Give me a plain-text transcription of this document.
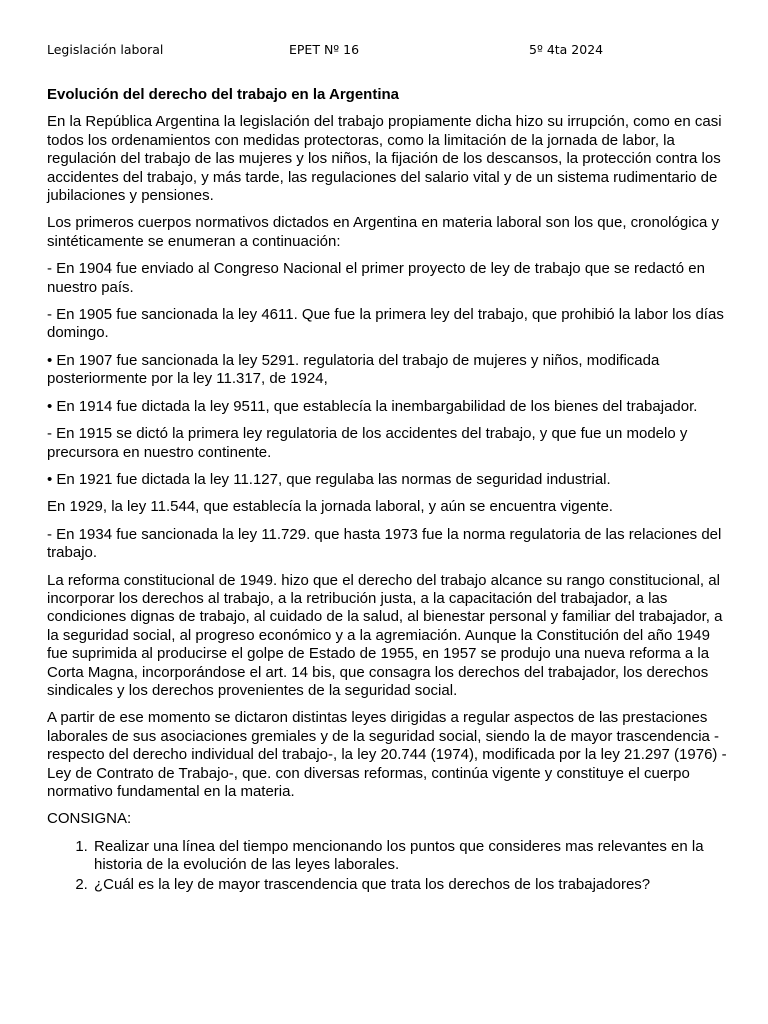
Legislación laboral	EPET Nº 16	5º 4ta 2024
Evolución del derecho del trabajo en la Argentina

En la República Argentina la legislación del trabajo propiamente dicha hizo su irrupción, como en casi todos los ordenamientos con medidas protectoras, como la limitación de la jornada de labor, la regulación del trabajo de las mujeres y los niños, la fijación de los descansos, la protección contra los accidentes del trabajo, y más tarde, las regulaciones del salario vital y de un sistema rudimentario de jubilaciones y pensiones.

Los primeros cuerpos normativos dictados en Argentina en materia laboral son los que, cronológica y sintéticamente se enumeran a continuación:

- En 1904 fue enviado al Congreso Nacional el primer proyecto de ley de trabajo que se redactó en nuestro país.

- En 1905 fue sancionada la ley 4611. Que fue la primera ley del trabajo, que prohibió la labor los días domingo.

• En 1907 fue sancionada la ley 5291. regulatoria del trabajo de mujeres y niños, modificada posteriormente por la ley 11.317, de 1924,

• En 1914 fue dictada la ley 9511, que establecía la inembargabilidad de los bienes del trabajador.

- En 1915 se dictó la primera ley regulatoria de los accidentes del trabajo, y que fue un modelo y precursora en nuestro continente.

• En 1921 fue dictada la ley 11.127, que regulaba las normas de seguridad industrial.

En 1929, la ley 11.544, que establecía la jornada laboral, y aún se encuentra vigente.

- En 1934 fue sancionada la ley 11.729. que hasta 1973 fue la norma regulatoria de las relaciones del trabajo.

La reforma constitucional de 1949. hizo que el derecho del trabajo alcance su rango constitucional, al incorporar los derechos al trabajo, a la retribución justa, a la capacitación del trabajador, a las condiciones dignas de trabajo, al cuidado de la salud, al bienestar personal y familiar del trabajador, a la seguridad social, al progreso económico y a la agremiación. Aunque la Constitución del año 1949 fue suprimida al producirse el golpe de Estado de 1955, en 1957 se produjo una nueva reforma a la Corta Magna, incorporándose el art. 14 bis, que consagra los derechos del trabajador, los derechos sindicales y los derechos provenientes de la seguridad social.

A partir de ese momento se dictaron distintas leyes dirigidas a regular aspectos de las prestaciones laborales de sus asociaciones gremiales y de la seguridad social, siendo la de mayor trascendencia -respecto del derecho individual del trabajo-, la ley 20.744 (1974), modificada por la ley 21.297 (1976) -Ley de Contrato de Trabajo-, que. con diversas reformas, continúa vigente y constituye el cuerpo normativo fundamental en la materia.

CONSIGNA:
1. Realizar una línea del tiempo mencionando los puntos que consideres mas relevantes en la historia de la evolución de las leyes laborales.
2. ¿Cuál es la ley de mayor trascendencia que trata los derechos de los trabajadores?
